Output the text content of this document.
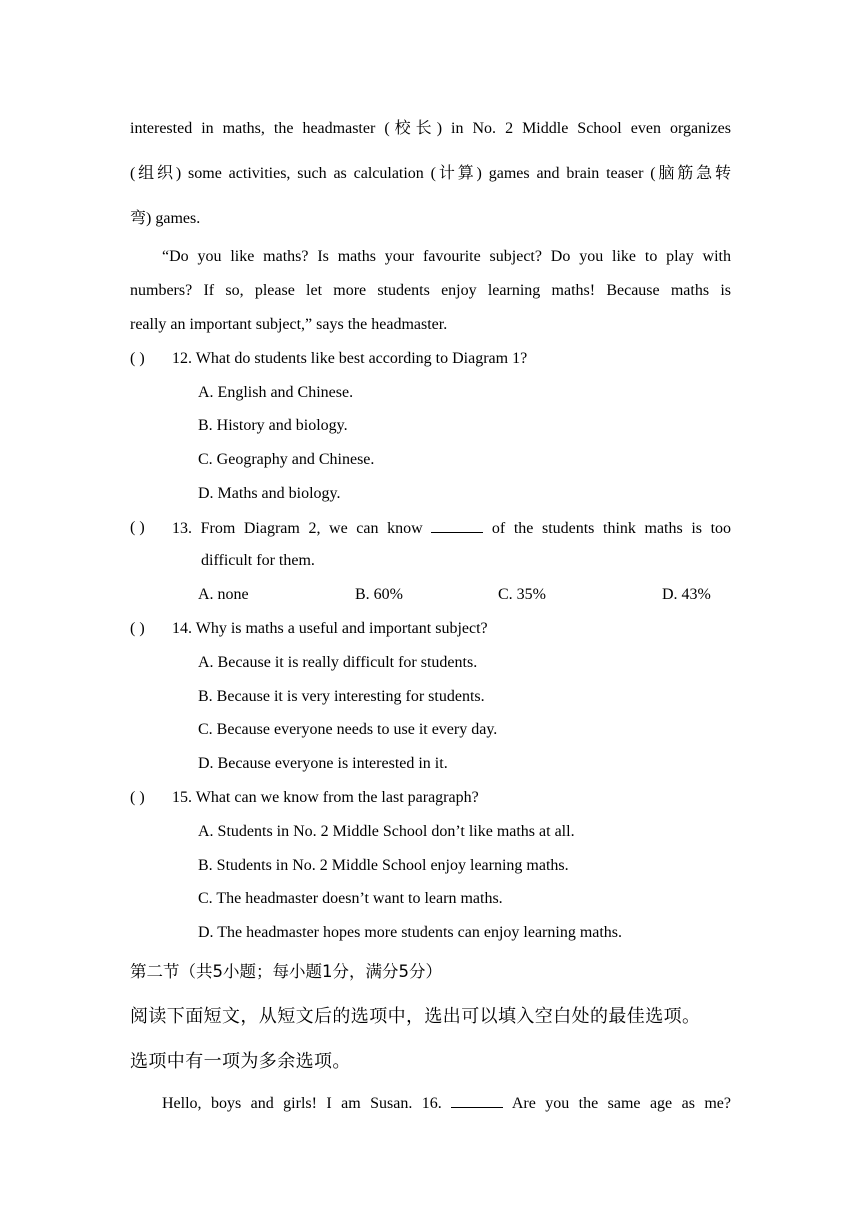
interested in maths, the headmaster (校长) in No. 2 Middle School even organizes
(组织) some activities, such as calculation (计算) games and brain teaser (脑筋急转
弯) games.
“Do you like maths? Is maths your favourite subject? Do you like to play with
numbers? If so, please let more students enjoy learning maths! Because maths is
really an important subject,” says the headmaster.
( ) 12. What do students like best according to Diagram 1?
A. English and Chinese.
B. History and biology.
C. Geography and Chinese.
D. Maths and biology.
( ) 13. From Diagram 2, we can know	of the students think maths is too
difficult for them.
A. none	B. 60%	C. 35%	D. 43%
( ) 14. Why is maths a useful and important subject?
A. Because it is really difficult for students.
B. Because it is very interesting for students.
C. Because everyone needs to use it every day.
D. Because everyone is interested in it.
( ) 15. What can we know from the last paragraph?
A. Students in No. 2 Middle School don’t like maths at all.
B. Students in No. 2 Middle School enjoy learning maths.
C. The headmaster doesn’t want to learn maths.
D. The headmaster hopes more students can enjoy learning maths.
第二节（共5小题；每小题1分，满分5分）
阅读下面短文，从短文后的选项中，选出可以填入空白处的最佳选项。
选项中有一项为多余选项。
Hello, boys and girls! I am Susan. 16.	Are you the same age as me?
